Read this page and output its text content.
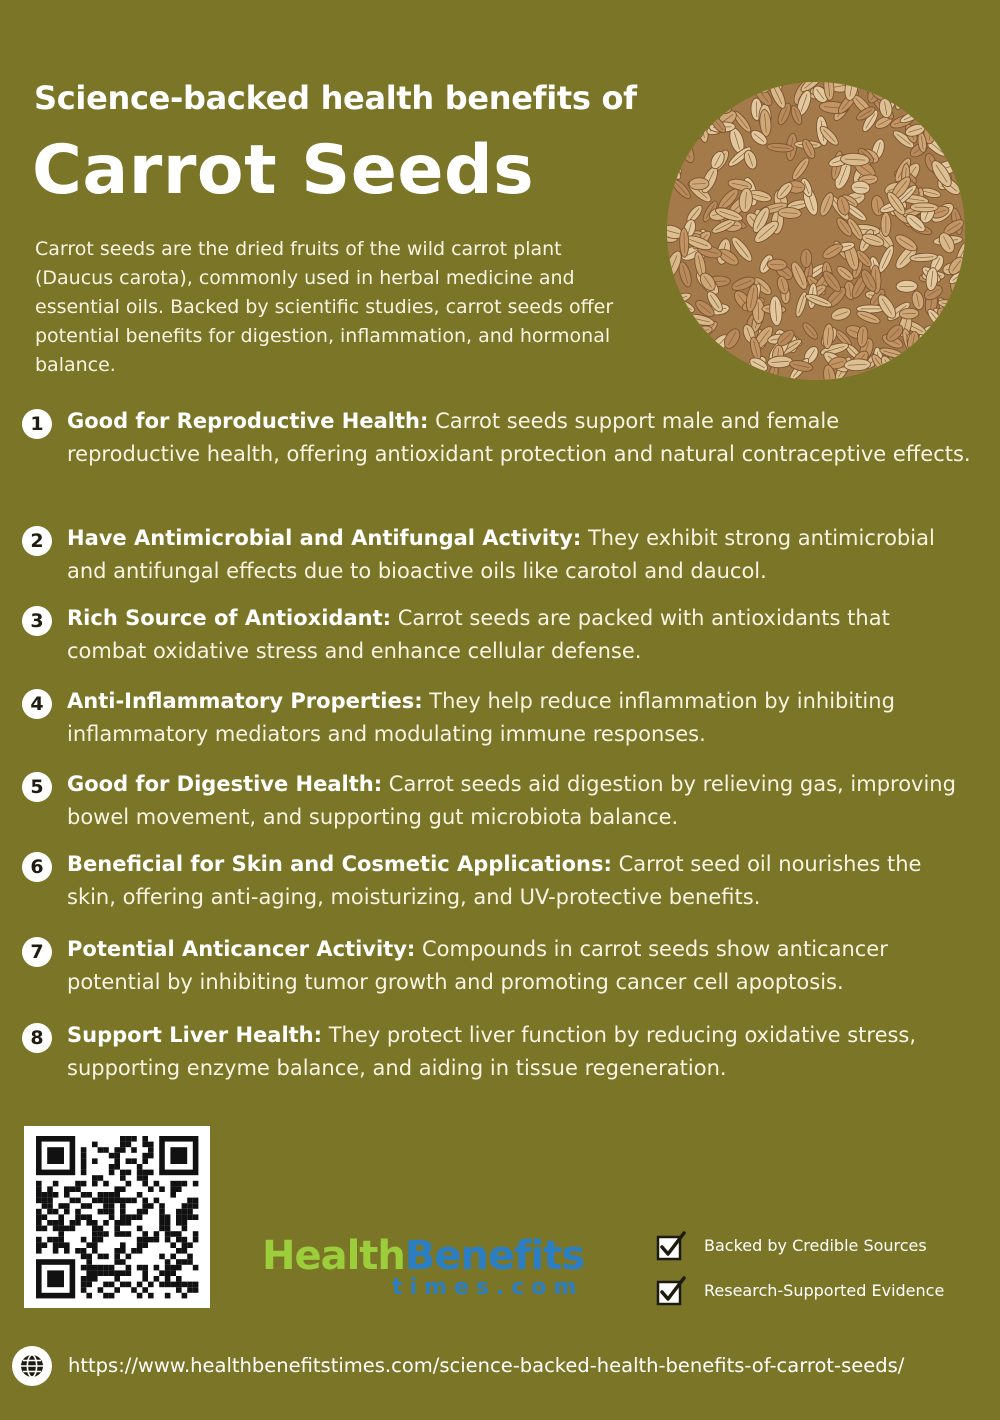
Science-backed health benefits of
Carrot Seeds
Carrot seeds are the dried fruits of the wild carrot plant (Daucus carota), commonly used in herbal medicine and essential oils. Backed by scientific studies, carrot seeds offer potential benefits for digestion, inflammation, and hormonal balance.
1	Good for Reproductive Health: Carrot seeds support male and female reproductive health, offering antioxidant protection and natural contraceptive effects.
2	Have Antimicrobial and Antifungal Activity: They exhibit strong antimicrobial and antifungal effects due to bioactive oils like carotol and daucol.
3	Rich Source of Antioxidant: Carrot seeds are packed with antioxidants that combat oxidative stress and enhance cellular defense.
4	Anti-Inflammatory Properties: They help reduce inflammation by inhibiting inflammatory mediators and modulating immune responses.
5	Good for Digestive Health: Carrot seeds aid digestion by relieving gas, improving bowel movement, and supporting gut microbiota balance.
6	Beneficial for Skin and Cosmetic Applications: Carrot seed oil nourishes the skin, offering anti-aging, moisturizing, and UV-protective benefits.
7	Potential Anticancer Activity: Compounds in carrot seeds show anticancer potential by inhibiting tumor growth and promoting cancer cell apoptosis.
8	Support Liver Health: They protect liver function by reducing oxidative stress, supporting enzyme balance, and aiding in tissue regeneration.
HealthBenefits
times.com
Backed by Credible Sources
Research-Supported Evidence
https://www.healthbenefitstimes.com/science-backed-health-benefits-of-carrot-seeds/
